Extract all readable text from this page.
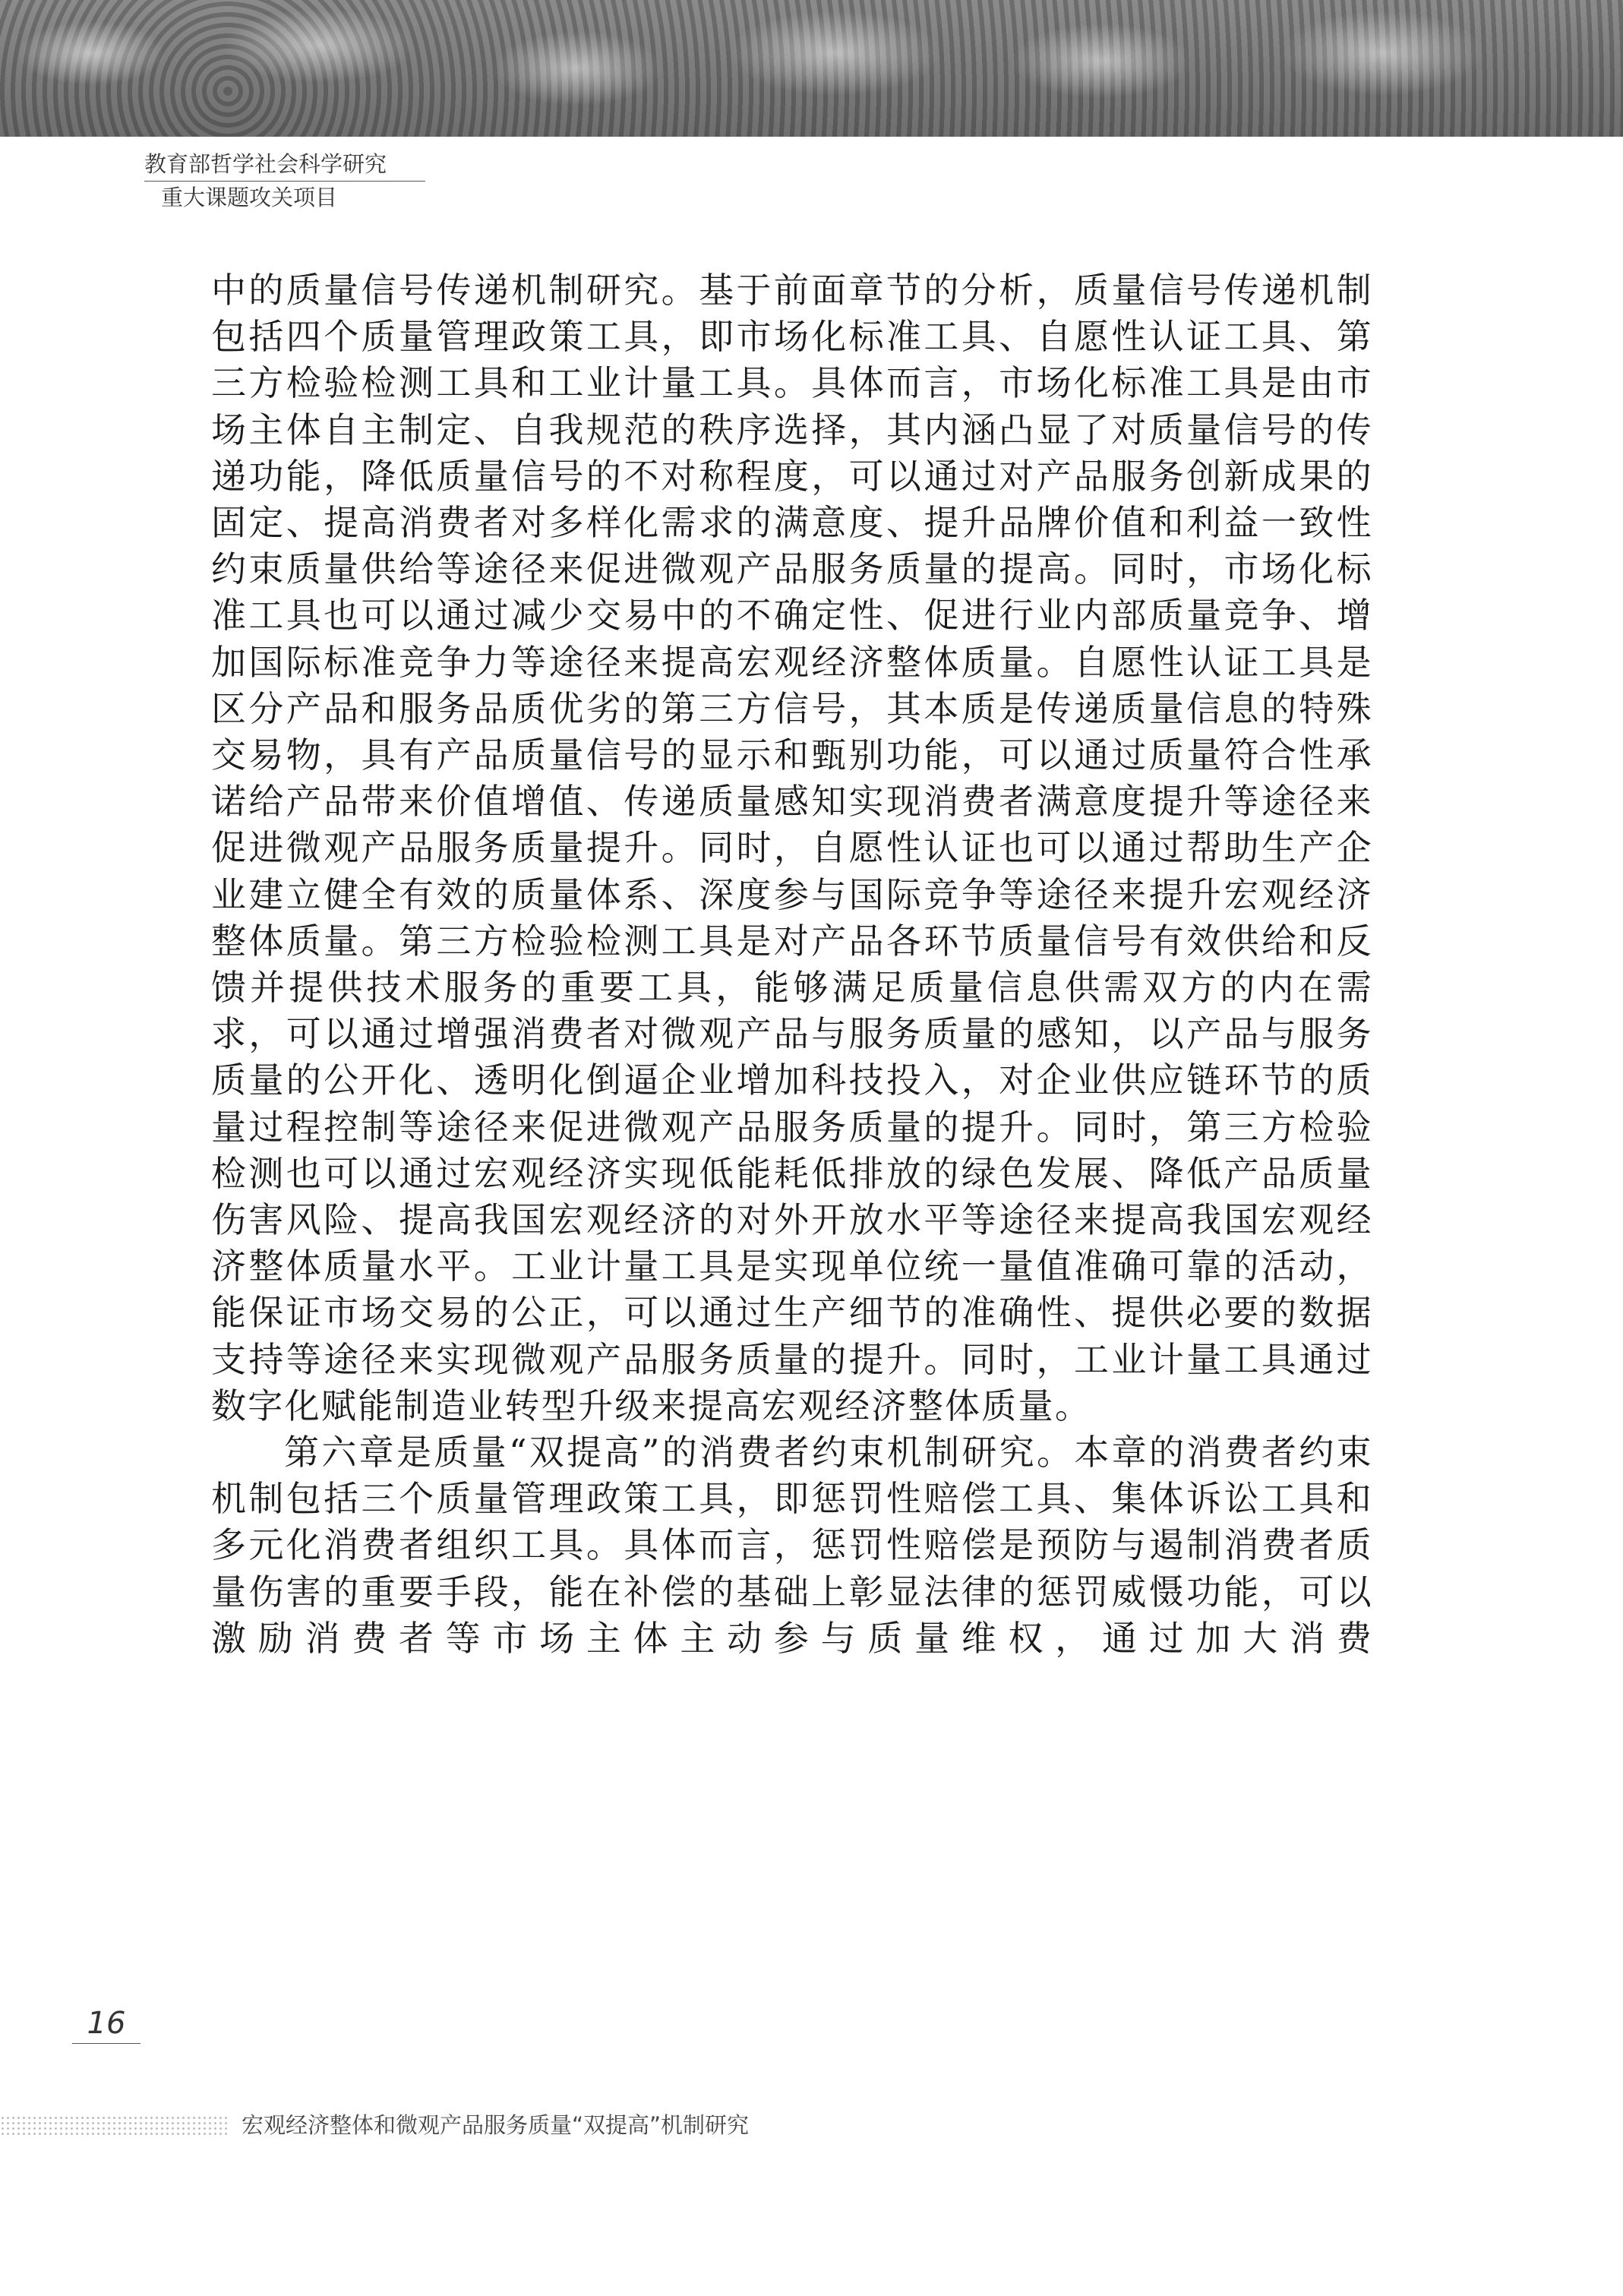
教育部哲学社会科学研究
重大课题攻关项目

中的质量信号传递机制研究。基于前面章节的分析，质量信号传递机制包括四个质量管理政策工具，即市场化标准工具、自愿性认证工具、第三方检验检测工具和工业计量工具。具体而言，市场化标准工具是由市场主体自主制定、自我规范的秩序选择，其内涵凸显了对质量信号的传递功能，降低质量信号的不对称程度，可以通过对产品服务创新成果的固定、提高消费者对多样化需求的满意度、提升品牌价值和利益一致性约束质量供给等途径来促进微观产品服务质量的提高。同时，市场化标准工具也可以通过减少交易中的不确定性、促进行业内部质量竞争、增加国际标准竞争力等途径来提高宏观经济整体质量。自愿性认证工具是区分产品和服务品质优劣的第三方信号，其本质是传递质量信息的特殊交易物，具有产品质量信号的显示和甄别功能，可以通过质量符合性承诺给产品带来价值增值、传递质量感知实现消费者满意度提升等途径来促进微观产品服务质量提升。同时，自愿性认证也可以通过帮助生产企业建立健全有效的质量体系、深度参与国际竞争等途径来提升宏观经济整体质量。第三方检验检测工具是对产品各环节质量信号有效供给和反馈并提供技术服务的重要工具，能够满足质量信息供需双方的内在需求，可以通过增强消费者对微观产品与服务质量的感知，以产品与服务质量的公开化、透明化倒逼企业增加科技投入，对企业供应链环节的质量过程控制等途径来促进微观产品服务质量的提升。同时，第三方检验检测也可以通过宏观经济实现低能耗低排放的绿色发展、降低产品质量伤害风险、提高我国宏观经济的对外开放水平等途径来提高我国宏观经济整体质量水平。工业计量工具是实现单位统一量值准确可靠的活动，能保证市场交易的公正，可以通过生产细节的准确性、提供必要的数据支持等途径来实现微观产品服务质量的提升。同时，工业计量工具通过数字化赋能制造业转型升级来提高宏观经济整体质量。

第六章是质量“双提高”的消费者约束机制研究。本章的消费者约束机制包括三个质量管理政策工具，即惩罚性赔偿工具、集体诉讼工具和多元化消费者组织工具。具体而言，惩罚性赔偿是预防与遏制消费者质量伤害的重要手段，能在补偿的基础上彰显法律的惩罚威慑功能，可以激励消费者等市场主体主动参与质量维权，通过加大消费

16
宏观经济整体和微观产品服务质量“双提高”机制研究
